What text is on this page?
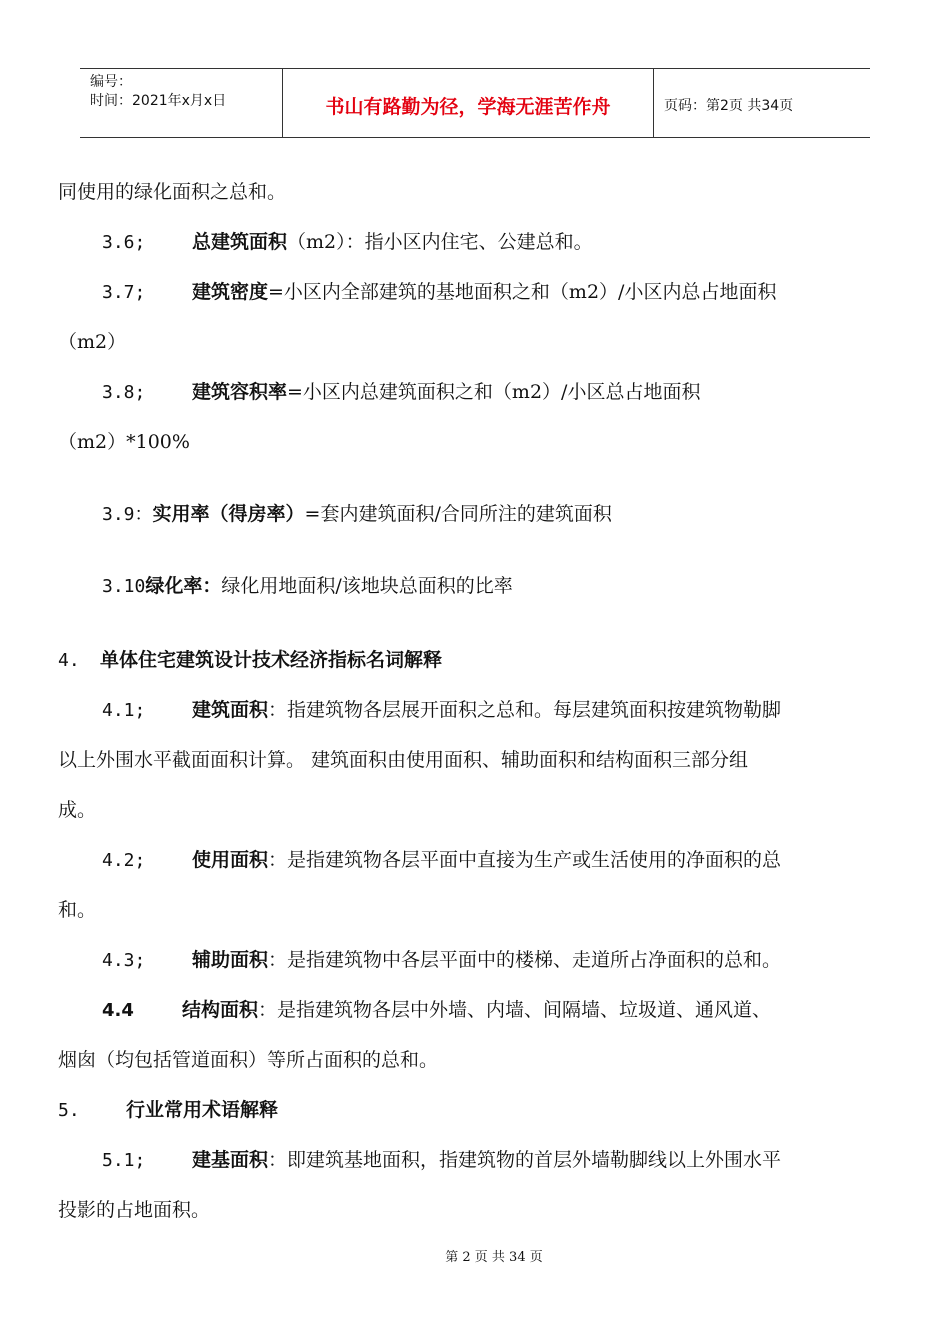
编号：
时间：2021年x月x日	书山有路勤为径，学海无涯苦作舟	页码：第2页 共34页
同使用的绿化面积之总和。
3.6; 总建筑面积（m2）：指小区内住宅、公建总和。
3.7; 建筑密度=小区内全部建筑的基地面积之和（m2）/小区内总占地面积
（m2）
3.8; 建筑容积率=小区内总建筑面积之和（m2）/小区总占地面积
（m2）*100%
3.9：实用率（得房率）=套内建筑面积/合同所注的建筑面积
3.10绿化率：绿化用地面积/该地块总面积的比率
4. 单体住宅建筑设计技术经济指标名词解释
4.1; 建筑面积：指建筑物各层展开面积之总和。每层建筑面积按建筑物勒脚
以上外围水平截面面积计算。 建筑面积由使用面积、辅助面积和结构面积三部分组
成。
4.2; 使用面积：是指建筑物各层平面中直接为生产或生活使用的净面积的总
和。
4.3; 辅助面积：是指建筑物中各层平面中的楼梯、走道所占净面积的总和。
4.4	结构面积：是指建筑物各层中外墙、内墙、间隔墙、垃圾道、通风道、
烟囱（均包括管道面积）等所占面积的总和。
5. 行业常用术语解释
5.1; 建基面积：即建筑基地面积，指建筑物的首层外墙勒脚线以上外围水平
投影的占地面积。
第 2 页 共 34 页
